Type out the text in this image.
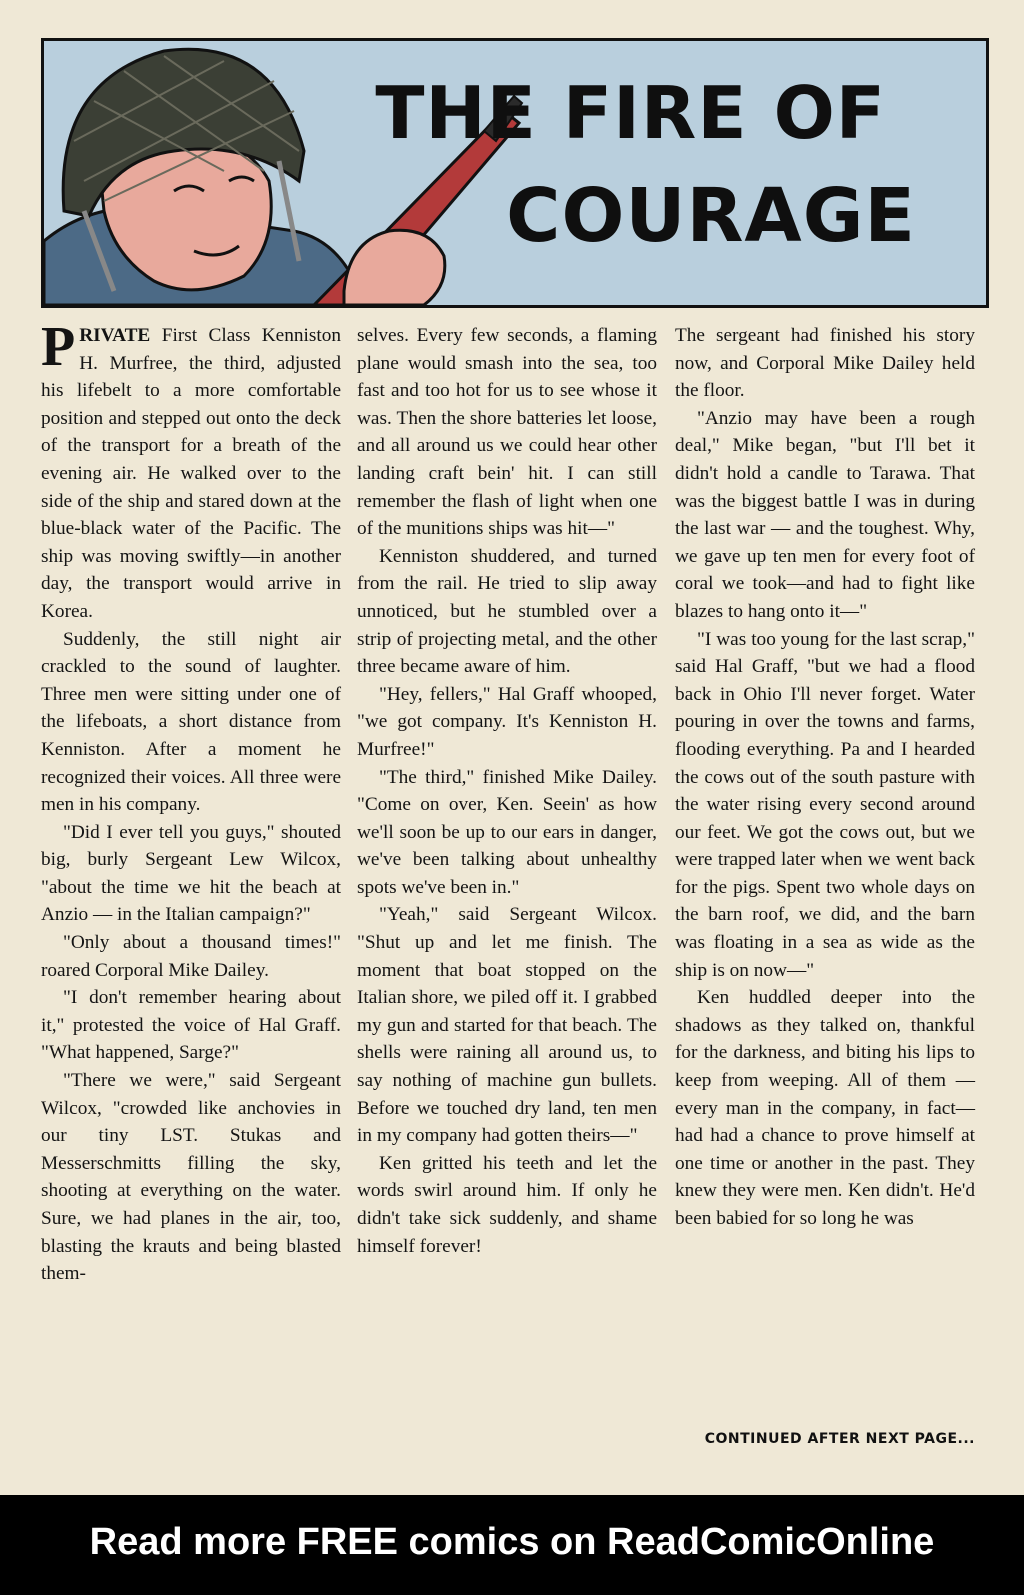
THE FIRE OF
COURAGE

PRIVATE First Class Kenniston H. Murfree, the third, adjusted his lifebelt to a more comfortable position and stepped out onto the deck of the transport for a breath of the evening air. He walked over to the side of the ship and stared down at the blue-black water of the Pacific. The ship was moving swiftly—in another day, the transport would arrive in Korea.

Suddenly, the still night air crackled to the sound of laughter. Three men were sitting under one of the lifeboats, a short distance from Kenniston. After a moment he recognized their voices. All three were men in his company.

"Did I ever tell you guys," shouted big, burly Sergeant Lew Wilcox, "about the time we hit the beach at Anzio — in the Italian campaign?"

"Only about a thousand times!" roared Corporal Mike Dailey.

"I don't remember hearing about it," protested the voice of Hal Graff. "What happened, Sarge?"

"There we were," said Sergeant Wilcox, "crowded like anchovies in our tiny LST. Stukas and Messerschmitts filling the sky, shooting at everything on the water. Sure, we had planes in the air, too, blasting the krauts and being blasted them-

selves. Every few seconds, a flaming plane would smash into the sea, too fast and too hot for us to see whose it was. Then the shore batteries let loose, and all around us we could hear other landing craft bein' hit. I can still remember the flash of light when one of the munitions ships was hit—"

Kenniston shuddered, and turned from the rail. He tried to slip away unnoticed, but he stumbled over a strip of projecting metal, and the other three became aware of him.

"Hey, fellers," Hal Graff whooped, "we got company. It's Kenniston H. Murfree!"

"The third," finished Mike Dailey. "Come on over, Ken. Seein' as how we'll soon be up to our ears in danger, we've been talking about unhealthy spots we've been in."

"Yeah," said Sergeant Wilcox. "Shut up and let me finish. The moment that boat stopped on the Italian shore, we piled off it. I grabbed my gun and started for that beach. The shells were raining all around us, to say nothing of machine gun bullets. Before we touched dry land, ten men in my company had gotten theirs—"

Ken gritted his teeth and let the words swirl around him. If only he didn't take sick suddenly, and shame himself forever!

The sergeant had finished his story now, and Corporal Mike Dailey held the floor.

"Anzio may have been a rough deal," Mike began, "but I'll bet it didn't hold a candle to Tarawa. That was the biggest battle I was in during the last war — and the toughest. Why, we gave up ten men for every foot of coral we took—and had to fight like blazes to hang onto it—"

"I was too young for the last scrap," said Hal Graff, "but we had a flood back in Ohio I'll never forget. Water pouring in over the towns and farms, flooding everything. Pa and I hearded the cows out of the south pasture with the water rising every second around our feet. We got the cows out, but we were trapped later when we went back for the pigs. Spent two whole days on the barn roof, we did, and the barn was floating in a sea as wide as the ship is on now—"

Ken huddled deeper into the shadows as they talked on, thankful for the darkness, and biting his lips to keep from weeping. All of them — every man in the company, in fact—had had a chance to prove himself at one time or another in the past. They knew they were men. Ken didn't. He'd been babied for so long he was

CONTINUED AFTER NEXT PAGE...
Read more FREE comics on ReadComicOnline
